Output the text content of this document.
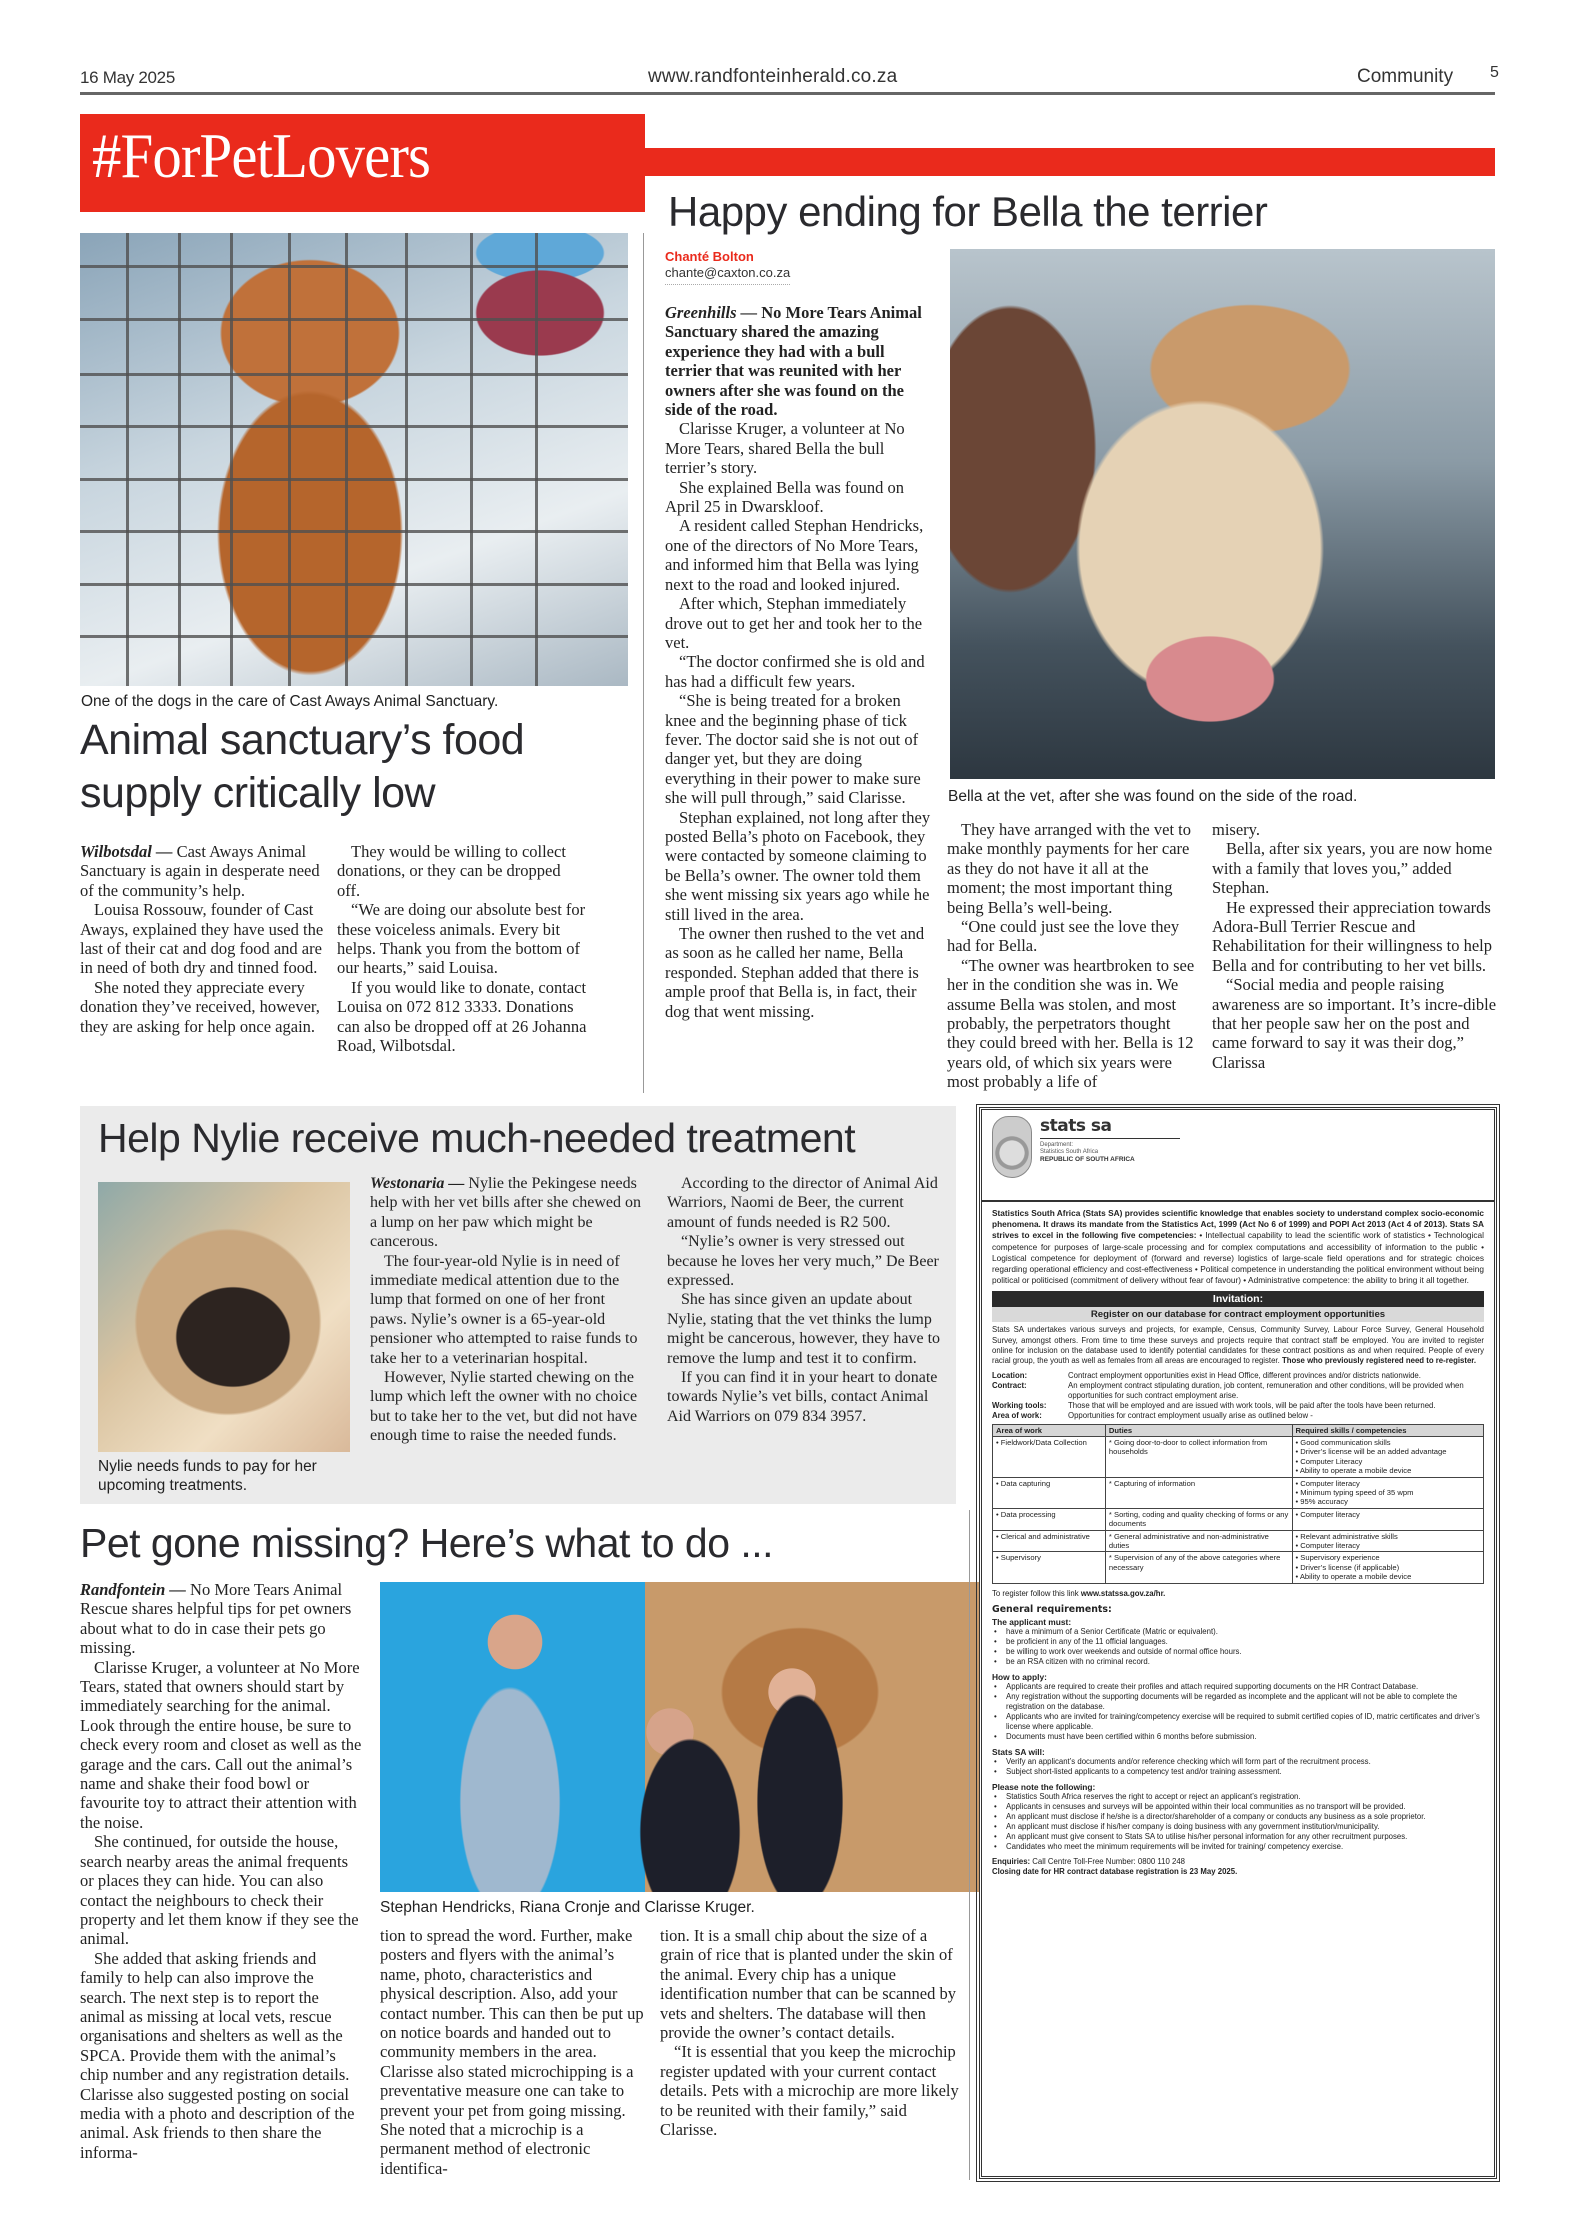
16 May 2025	www.randfonteinherald.co.za	Community 5
#ForPetLovers
One of the dogs in the care of Cast Aways Animal Sanctuary.
Animal sanctuary’s food
supply critically low

Wilbotsdal — Cast Aways Animal Sanctuary is again in desperate need of the community’s help.

Louisa Rossouw, founder of Cast Aways, explained they have used the last of their cat and dog food and are in need of both dry and tinned food.

She noted they appreciate every donation they’ve received, however, they are asking for help once again.

They would be willing to collect donations, or they can be dropped off.

“We are doing our absolute best for these voiceless animals. Every bit helps. Thank you from the bottom of our hearts,” said Louisa.

If you would like to donate, contact Louisa on 072 812 3333. Donations can also be dropped off at 26 Johanna Road, Wilbotsdal.

Happy ending for Bella the terrier
Chanté Bolton
chante@caxton.co.za

Greenhills — No More Tears Animal Sanctuary shared the amazing experience they had with a bull terrier that was reunited with her owners after she was found on the side of the road.

Clarisse Kruger, a volunteer at No More Tears, shared Bella the bull terrier’s story.

She explained Bella was found on April 25 in Dwarskloof.

A resident called Stephan Hendricks, one of the directors of No More Tears, and informed him that Bella was lying next to the road and looked injured.

After which, Stephan immediately drove out to get her and took her to the vet.

“The doctor confirmed she is old and has had a difficult few years.

“She is being treated for a broken knee and the beginning phase of tick fever. The doctor said she is not out of danger yet, but they are doing everything in their power to make sure she will pull through,” said Clarisse.

Stephan explained, not long after they posted Bella’s photo on Facebook, they were contacted by someone claiming to be Bella’s owner. The owner told them she went missing six years ago while he still lived in the area.

The owner then rushed to the vet and as soon as he called her name, Bella responded. Stephan added that there is ample proof that Bella is, in fact, their dog that went missing.

Bella at the vet, after she was found on the side of the road.

They have arranged with the vet to make monthly payments for her care as they do not have it all at the moment; the most important thing being Bella’s well-being.

“One could just see the love they had for Bella.

“The owner was heartbroken to see her in the condition she was in. We assume Bella was stolen, and most probably, the perpetrators thought they could breed with her. Bella is 12 years old, of which six years were most probably a life of

misery.

Bella, after six years, you are now home with a family that loves you,” added Stephan.

He expressed their appreciation towards Adora-Bull Terrier Rescue and Rehabilitation for their willingness to help Bella and for contributing to her vet bills.

“Social media and people raising awareness are so important. It’s incre-dible that her people saw her on the post and came forward to say it was their dog,” Clarissa

Help Nylie receive much-needed treatment
Nylie needs funds to pay for her upcoming treatments.

Westonaria — Nylie the Pekingese needs help with her vet bills after she chewed on a lump on her paw which might be cancerous.

The four-year-old Nylie is in need of immediate medical attention due to the lump that formed on one of her front paws. Nylie’s owner is a 65-year-old pensioner who attempted to raise funds to take her to a veterinarian hospital.

However, Nylie started chewing on the lump which left the owner with no choice but to take her to the vet, but did not have enough time to raise the needed funds.

According to the director of Animal Aid Warriors, Naomi de Beer, the current amount of funds needed is R2 500.

“Nylie’s owner is very stressed out because he loves her very much,” De Beer expressed.

She has since given an update about Nylie, stating that the vet thinks the lump might be cancerous, however, they have to remove the lump and test it to confirm.

If you can find it in your heart to donate towards Nylie’s vet bills, contact Animal Aid Warriors on 079 834 3957.

Pet gone missing? Here’s what to do ...

Randfontein — No More Tears Animal Rescue shares helpful tips for pet owners about what to do in case their pets go missing.

Clarisse Kruger, a volunteer at No More Tears, stated that owners should start by immediately searching for the animal. Look through the entire house, be sure to check every room and closet as well as the garage and the cars. Call out the animal’s name and shake their food bowl or favourite toy to attract their attention with the noise.

She continued, for outside the house, search nearby areas the animal frequents or places they can hide. You can also contact the neighbours to check their property and let them know if they see the animal.

She added that asking friends and family to help can also improve the search. The next step is to report the animal as missing at local vets, rescue organisations and shelters as well as the SPCA. Provide them with the animal’s chip number and any registration details. Clarisse also suggested posting on social media with a photo and description of the animal. Ask friends to then share the informa-

Stephan Hendricks, Riana Cronje and Clarisse Kruger.

tion to spread the word. Further, make posters and flyers with the animal’s name, photo, characteristics and physical description. Also, add your contact number. This can then be put up on notice boards and handed out to community members in the area. Clarisse also stated microchipping is a preventative measure one can take to prevent your pet from going missing. She noted that a microchip is a permanent method of electronic identifica-

tion. It is a small chip about the size of a grain of rice that is planted under the skin of the animal. Every chip has a unique identification number that can be scanned by vets and shelters. The database will then provide the owner’s contact details.

“It is essential that you keep the microchip register updated with your current contact details. Pets with a microchip are more likely to be reunited with their family,” said Clarisse.

stats sa
Department:
Statistics South Africa
REPUBLIC OF SOUTH AFRICA
Statistics South Africa (Stats SA) provides scientific knowledge that enables society to understand complex socio-economic phenomena. It draws its mandate from the Statistics Act, 1999 (Act No 6 of 1999) and POPI Act 2013 (Act 4 of 2013). Stats SA strives to excel in the following five competencies: • Intellectual capability to lead the scientific work of statistics • Technological competence for purposes of large-scale processing and for complex computations and accessibility of information to the public • Logistical competence for deployment of (forward and reverse) logistics of large-scale field operations and for strategic choices regarding operational efficiency and cost-effectiveness • Political competence in understanding the political environment without being political or politicised (commitment of delivery without fear of favour) • Administrative competence: the ability to bring it all together.
Invitation:
Register on our database for contract employment opportunities
Stats SA undertakes various surveys and projects, for example, Census, Community Survey, Labour Force Survey, General Household Survey, amongst others. From time to time these surveys and projects require that contract staff be employed. You are invited to register online for inclusion on the database used to identify potential candidates for these contract positions as and when required. People of every racial group, the youth as well as females from all areas are encouraged to register. Those who previously registered need to re-register.
Location:	Contract employment opportunities exist in Head Office, different provinces and/or districts nationwide.
Contract:	An employment contract stipulating duration, job content, remuneration and other conditions, will be provided when opportunities for such contract employment arise.
Working tools:	Those that will be employed and are issued with work tools, will be paid after the tools have been returned.
Area of work:	Opportunities for contract employment usually arise as outlined below -
Area of work	Duties	Required skills / competencies

• Fieldwork/Data Collection
	*Going door-to-door to collect information from households	
• Good communication skills
• Driver’s license will be an added advantage
• Computer Literacy
• Ability to operate a mobile device

• Data capturing
	*Capturing of information	
•Computer literacy
• Minimum typing speed of 35 wpm
• 95% accuracy

• Data processing
	*Sorting, coding and quality checking of forms or any documents	
• Computer literacy

• Clerical and administrative
	*General administrative and non-administrative duties	
• Relevant administrative skills
• Computer literacy

• Supervisory
	*Supervision of any of the above categories where necessary	
• Supervisory experience
• Driver’s license (if applicable)
• Ability to operate a mobile device
To register follow this link www.statssa.gov.za/hr.
General requirements:
The applicant must:
• have a minimum of a Senior Certificate (Matric or equivalent).
• be proficient in any of the 11 official languages.
• be willing to work over weekends and outside of normal office hours.
• be an RSA citizen with no criminal record.
How to apply:
• Applicants are required to create their profiles and attach required supporting documents on the HR Contract Database.
• Any registration without the supporting documents will be regarded as incomplete and the applicant will not be able to complete the registration on the database.
• Applicants who are invited for training/competency exercise will be required to submit certified copies of ID, matric certificates and driver’s license where applicable.
• Documents must have been certified within 6 months before submission.
Stats SA will:
• Verify an applicant’s documents and/or reference checking which will form part of the recruitment process.
• Subject short-listed applicants to a competency test and/or training assessment.
Please note the following:
• Statistics South Africa reserves the right to accept or reject an applicant’s registration.
• Applicants in censuses and surveys will be appointed within their local communities as no transport will be provided.
• An applicant must disclose if he/she is a director/shareholder of a company or conducts any business as a sole proprietor.
• An applicant must disclose if his/her company is doing business with any government institution/municipality.
• An applicant must give consent to Stats SA to utilise his/her personal information for any other recruitment purposes.
• Candidates who meet the minimum requirements will be invited for training/ competency exercise.
Enquiries: Call Centre Toll-Free Number: 0800 110 248
Closing date for HR contract database registration is 23 May 2025.
